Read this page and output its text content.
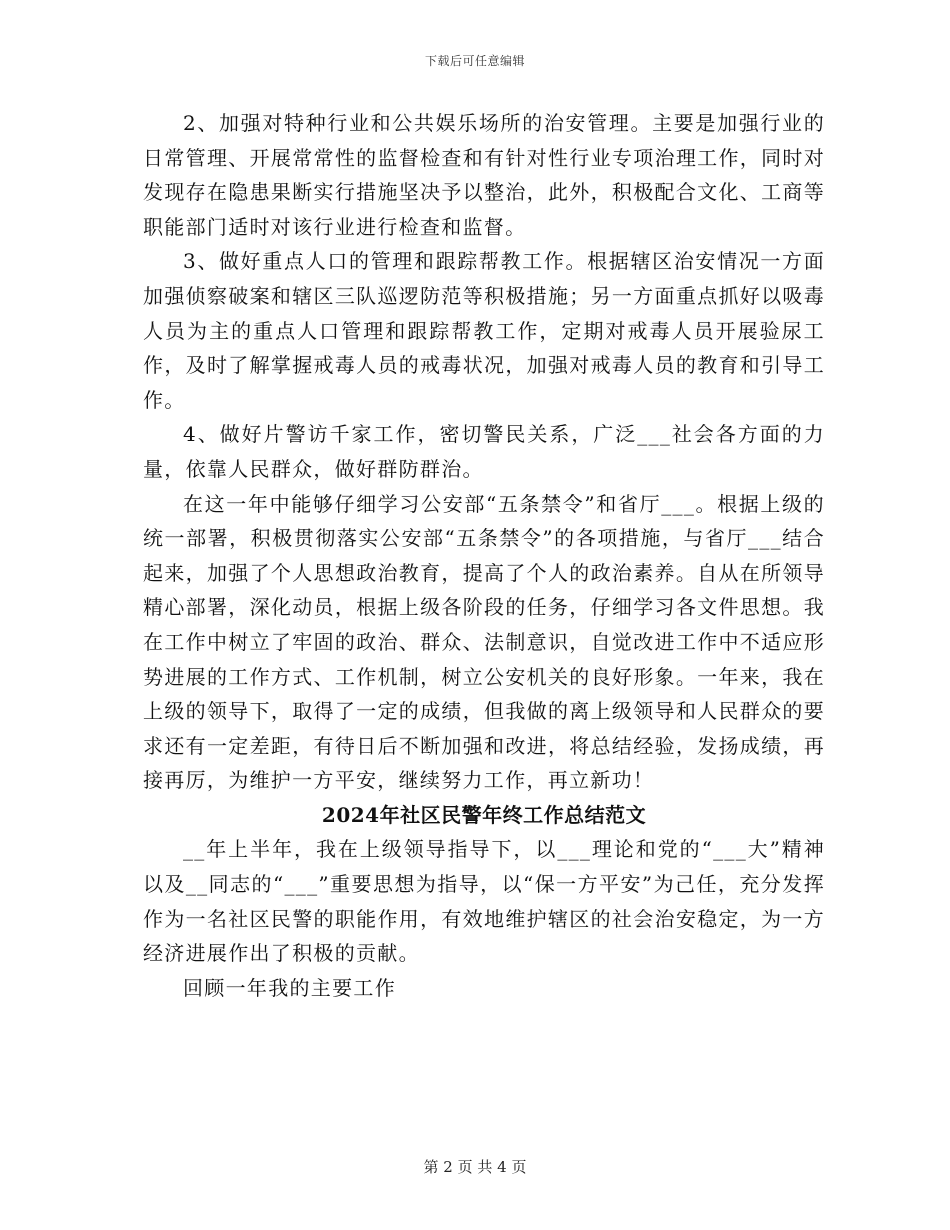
下载后可任意编辑

2、加强对特种行业和公共娱乐场所的治安管理。主要是加强行业的日常管理、开展常常性的监督检查和有针对性行业专项治理工作，同时对发现存在隐患果断实行措施坚决予以整治，此外，积极配合文化、工商等职能部门适时对该行业进行检查和监督。

3、做好重点人口的管理和跟踪帮教工作。根据辖区治安情况一方面加强侦察破案和辖区三队巡逻防范等积极措施；另一方面重点抓好以吸毒人员为主的重点人口管理和跟踪帮教工作，定期对戒毒人员开展验尿工作，及时了解掌握戒毒人员的戒毒状况，加强对戒毒人员的教育和引导工作。

4、做好片警访千家工作，密切警民关系，广泛___社会各方面的力量，依靠人民群众，做好群防群治。

在这一年中能够仔细学习公安部“五条禁令”和省厅___。根据上级的统一部署，积极贯彻落实公安部“五条禁令”的各项措施，与省厅___结合起来，加强了个人思想政治教育，提高了个人的政治素养。自从在所领导精心部署，深化动员，根据上级各阶段的任务，仔细学习各文件思想。我在工作中树立了牢固的政治、群众、法制意识，自觉改进工作中不适应形势进展的工作方式、工作机制，树立公安机关的良好形象。一年来，我在上级的领导下，取得了一定的成绩，但我做的离上级领导和人民群众的要求还有一定差距，有待日后不断加强和改进，将总结经验，发扬成绩，再接再厉，为维护一方平安，继续努力工作，再立新功！

2024年社区民警年终工作总结范文

__年上半年，我在上级领导指导下，以___理论和党的“___大”精神以及__同志的“___”重要思想为指导，以“保一方平安”为己任，充分发挥作为一名社区民警的职能作用，有效地维护辖区的社会治安稳定，为一方经济进展作出了积极的贡献。

回顾一年我的主要工作

第 2 页 共 4 页
